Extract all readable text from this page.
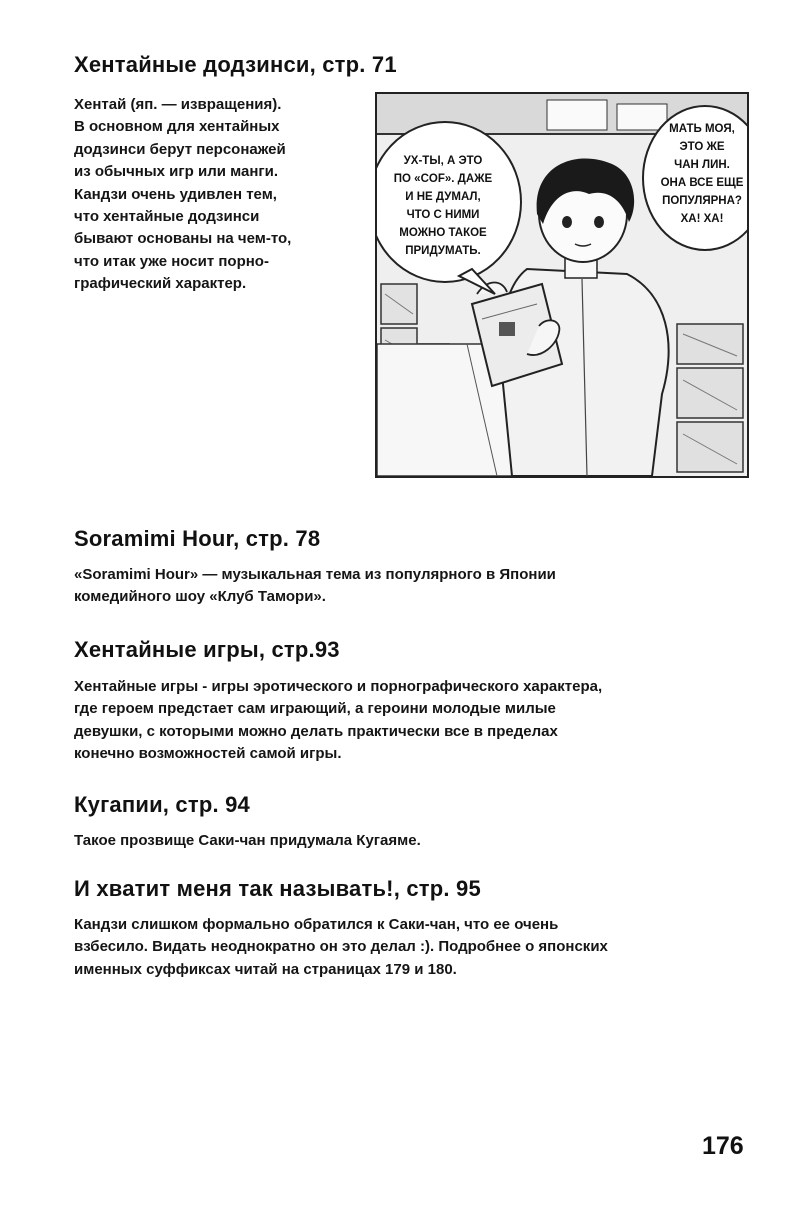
Хентайные додзинси, стр. 71
Хентай (яп. — извращения).
В основном для хентайных
додзинси берут персонажей
из обычных игр или манги.
Кандзи очень удивлен тем,
что хентайные додзинси
бывают основаны на чем-то,
что итак уже носит порно-
графический характер.
УХ-ТЫ, А ЭТО
ПО «COF». ДАЖЕ
И НЕ ДУМАЛ,
ЧТО С НИМИ
МОЖНО ТАКОЕ
ПРИДУМАТЬ.
МАТЬ МОЯ,
ЭТО ЖЕ
ЧАН ЛИН.
ОНА ВСЕ ЕЩЕ
ПОПУЛЯРНА?
ХА! ХА!
Soramimi Hour, стр. 78
«Soramimi Hour» — музыкальная тема из популярного в Японии
комедийного шоу «Клуб Тамори».
Хентайные игры, стр.93
Хентайные игры - игры эротического и порнографического характера,
где героем предстает сам играющий, а героини молодые милые
девушки, с которыми можно делать практически все в пределах
конечно возможностей самой игры.
Кугапии, стр. 94
Такое прозвище Саки-чан придумала Кугаяме.
И хватит меня так называть!, стр. 95
Кандзи слишком формально обратился к Саки-чан, что ее очень
взбесило. Видать неоднократно он это делал :). Подробнее о японских
именных суффиксах читай на страницах 179 и 180.
176
